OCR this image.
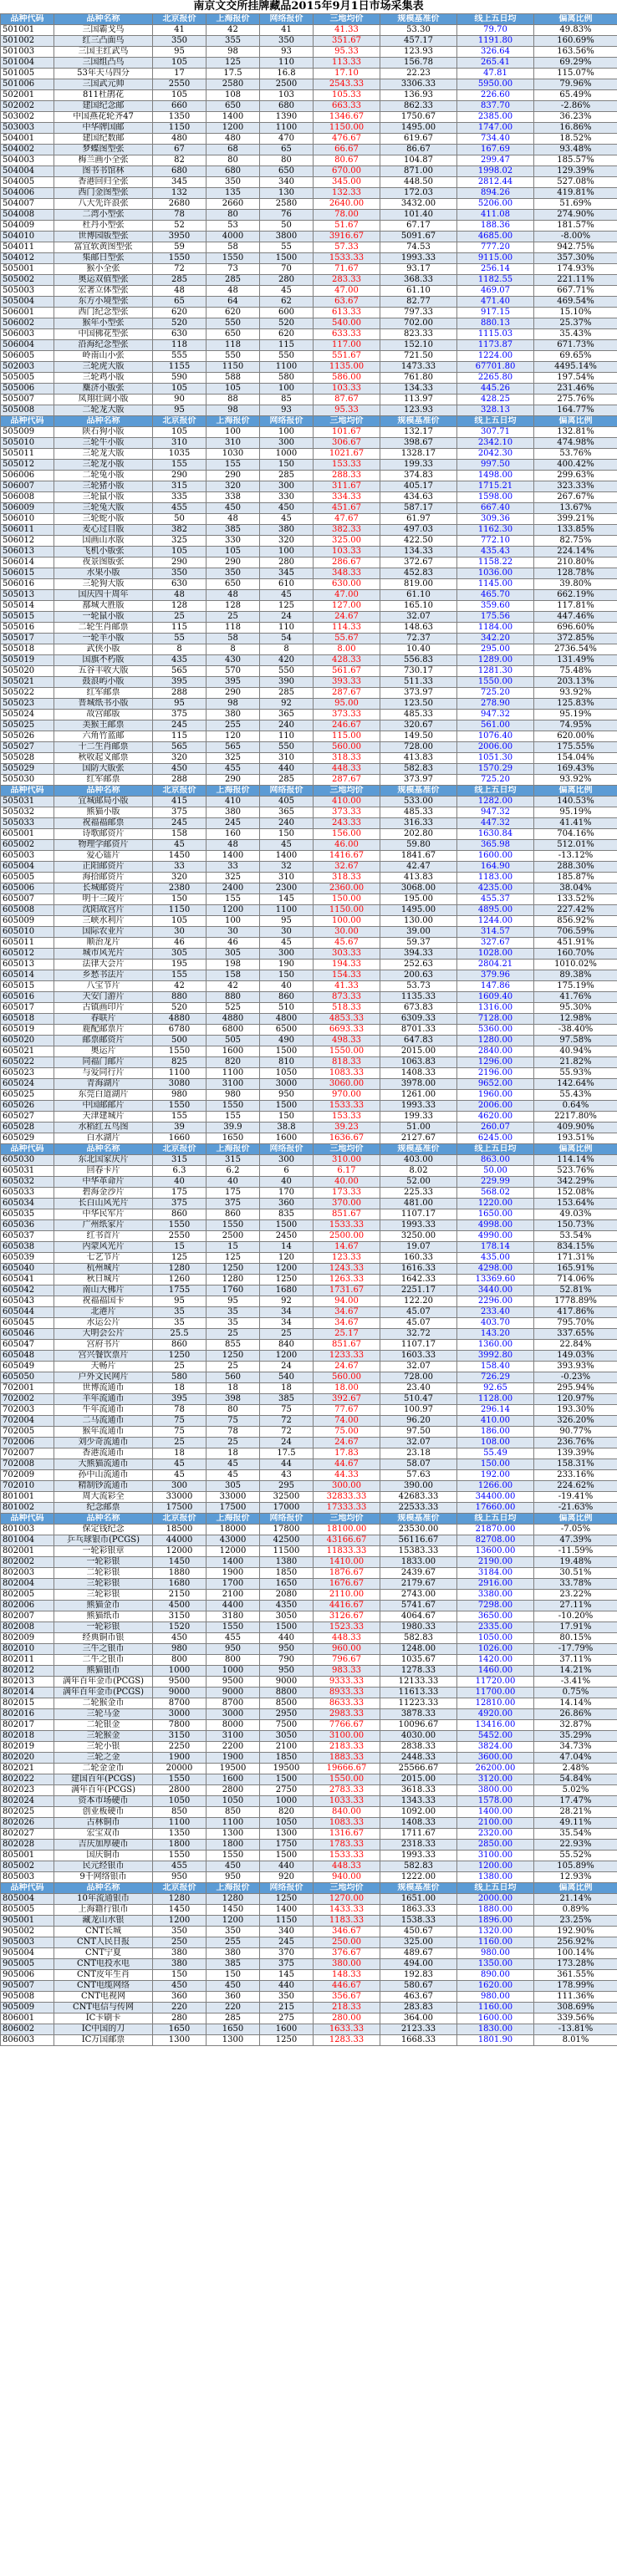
南京文交所挂牌藏品2015年9月1日市场采集表
品种代码	品种名称	北京报价	上海报价	网络报价	三地均价	规模基准价	线上五日均	偏离比例
501001	三国霸戈鸟	41	42	41	41.33	53.30	79.70	49.83%
501002	红三凸面鸟	350	355	350	351.67	457.17	1191.80	160.69%
501003	三国主红武鸟	95	98	93	95.33	123.93	326.64	163.56%
501004	三国组凸鸟	105	125	110	113.33	156.78	265.41	69.29%
501005	53年天马四分	17	17.5	16.8	17.10	22.23	47.81	115.07%
501006	三国武元帅	2550	2580	2500	2543.33	3306.33	5950.00	79.96%
502001	811杜鹃花	105	108	103	105.33	136.93	226.60	65.49%
502002	建国纪念邮	660	650	680	663.33	862.33	837.70	-2.86%
503002	中国燕花轮齐47	1350	1400	1390	1346.67	1750.67	2385.00	36.23%
503003	中华牌国邮	1150	1200	1100	1150.00	1495.00	1747.00	16.86%
504001	建国纪数邮	480	480	470	476.67	619.67	734.40	18.52%
504002	梦蝶图型张	67	68	65	66.67	86.67	167.69	93.48%
504003	梅兰画小全张	82	80	80	80.67	104.87	299.47	185.57%
504004	图书书馆林	680	680	650	670.00	871.00	1998.02	129.39%
504005	香港回归全张	345	350	340	345.00	448.50	2812.44	527.08%
504006	西门金图型张	132	135	130	132.33	172.03	894.26	419.81%
504007	八大先许浪张	2680	2660	2580	2640.00	3432.00	5206.00	51.69%
504008	二湾小型张	78	80	76	78.00	101.40	411.08	274.90%
504009	杜丹小型张	52	53	50	51.67	67.17	188.36	181.57%
504010	世博园版型张	3950	4000	3800	3916.67	5091.67	4685.00	-8.00%
504011	富宜软黄图型张	59	58	55	57.33	74.53	777.20	942.75%
504012	集邮日型张	1550	1550	1500	1533.33	1993.33	9115.00	357.30%
505001	猴小全张	72	73	70	71.67	93.17	256.14	174.93%
505002	奥运双值型张	285	285	280	283.33	368.33	1182.55	221.11%
505003	宏著立体型张	48	48	45	47.00	61.10	469.07	667.71%
505004	东方小境型张	65	64	62	63.67	82.77	471.40	469.54%
506001	西门纪念型张	620	620	600	613.33	797.33	917.15	15.10%
506002	猴年小型张	520	550	520	540.00	702.00	880.13	25.37%
506003	中国佛花型张	630	650	620	633.33	823.33	1115.03	35.43%
506004	沿海纪念型张	118	118	115	117.00	152.10	1173.87	671.73%
506005	岭南山小张	555	550	550	551.67	721.50	1224.00	69.65%
502003	三轮虎大版	1155	1150	1100	1135.00	1473.33	67701.80	4495.14%
505005	三轮鸡小版	590	588	580	586.00	761.80	2265.80	197.54%
505006	麋济小版张	105	105	100	103.33	134.33	445.26	231.46%
505007	凤翔壮阔小版	90	88	85	87.67	113.97	428.25	275.76%
505008	二轮龙大版	95	98	93	95.33	123.93	328.13	164.77%
品种代码	品种名称	北京报价	上海报价	网络报价	三地均价	规模基准价	线上五日均	偏离比例
505009	陕石狗小版	105	100	100	101.67	132.17	307.71	132.81%
505010	三轮牛小版	310	310	300	306.67	398.67	2342.10	474.98%
505011	三轮龙大版	1035	1030	1000	1021.67	1328.17	2042.30	53.76%
505012	三轮龙小版	155	155	150	153.33	199.33	997.50	400.42%
506006	二轮兔小版	290	290	285	288.33	374.83	1498.00	299.63%
506007	三轮猪小版	315	320	300	311.67	405.17	1715.21	323.33%
506008	三轮鼠小版	335	338	330	334.33	434.63	1598.00	267.67%
506009	三轮兔大版	455	450	450	451.67	587.17	667.40	13.67%
506010	三轮蛇小版	50	48	45	47.67	61.97	309.36	399.21%
506011	麦心过目版	382	385	380	382.33	497.03	1162.30	133.85%
506012	国画山水版	325	330	320	325.00	422.50	772.10	82.75%
506013	飞机小版张	105	105	100	103.33	134.33	435.43	224.14%
506014	夜景图版张	290	290	280	286.67	372.67	1158.22	210.80%
506015	水果小版	350	350	345	348.33	452.83	1036.00	128.78%
506016	三轮狗大版	630	650	610	630.00	819.00	1145.00	39.80%
505013	国庆四十周年	48	48	45	47.00	61.10	465.70	662.19%
505014	鄯城大胜版	128	128	125	127.00	165.10	359.60	117.81%
505015	一轮鼠小版	25	25	24	24.67	32.07	175.56	447.46%
505016	二轮生肖邮票	115	118	110	114.33	148.63	1184.00	696.60%
505017	一轮羊小版	55	58	54	55.67	72.37	342.20	372.85%
505018	武侠小版	8	8	8	8.00	10.40	295.00	2736.54%
505019	国旗不朽版	435	430	420	428.33	556.83	1289.00	131.49%
505020	五谷丰收大版	565	570	550	561.67	730.17	1281.30	75.48%
505021	鼓浪屿小版	395	395	390	393.33	511.33	1550.00	203.13%
505022	红军邮票	288	290	285	287.67	373.97	725.20	93.92%
505023	晋城纸书小版	95	98	92	95.00	123.50	278.90	125.83%
505024	故宫邮版	375	380	365	373.33	485.33	947.32	95.19%
505025	美猴王邮票	245	255	240	246.67	320.67	561.00	74.95%
505026	六角竹蓝邮	115	120	110	115.00	149.50	1076.40	620.00%
505027	十二生肖邮票	565	565	550	560.00	728.00	2006.00	175.55%
505028	秋收起义邮票	320	325	310	318.33	413.83	1051.30	154.04%
505029	国防大版张	450	455	440	448.33	582.83	1570.29	169.43%
505030	红军邮票	288	290	285	287.67	373.97	725.20	93.92%
品种代码	品种名称	北京报价	上海报价	网络报价	三地均价	规模基准价	线上五日均	偏离比例
505031	宜城邮局小版	415	410	405	410.00	533.00	1282.00	140.53%
505032	熊猫小版	375	380	365	373.33	485.33	947.32	95.19%
505033	祝福福邮票	245	245	240	243.33	316.33	447.32	41.41%
605001	诗歌邮资片	158	160	150	156.00	202.80	1630.84	704.16%
605002	物理学邮资片	45	48	45	46.00	59.80	365.98	512.01%
605003	爱心镭片	1450	1400	1400	1416.67	1841.67	1600.00	-13.12%
605004	正阳邮资片	33	33	32	32.67	42.47	164.90	288.30%
605005	海拾邮资片	320	325	310	318.33	413.83	1183.00	185.87%
605006	长城邮资片	2380	2400	2300	2360.00	3068.00	4235.00	38.04%
605007	明十三陵片	150	155	145	150.00	195.00	455.37	133.52%
605008	沈阳故宫片	1150	1200	1100	1150.00	1495.00	4895.00	227.42%
605009	三峡水利片	105	100	95	100.00	130.00	1244.00	856.92%
605010	国际农业片	30	30	30	30.00	39.00	314.57	706.59%
605011	顺治龙片	46	46	45	45.67	59.37	327.67	451.91%
605012	城市风光片	305	305	300	303.33	394.33	1028.00	160.70%
605013	法律大会片	195	198	190	194.33	252.63	2804.21	1010.02%
605014	乡愁书法片	155	158	150	154.33	200.63	379.96	89.38%
605015	八宝节片	42	42	40	41.33	53.73	147.86	175.19%
605016	天安门游片	880	880	860	873.33	1135.33	1609.40	41.76%
605017	古镇画印片	520	525	510	518.33	673.83	1316.00	95.30%
605018	春联片	4880	4880	4800	4853.33	6309.33	7128.00	12.98%
605019	鹿配邮票片	6780	6800	6500	6693.33	8701.33	5360.00	-38.40%
605020	邮票邮资片	500	505	490	498.33	647.83	1280.00	97.58%
605021	奥运片	1550	1600	1500	1550.00	2015.00	2840.00	40.94%
605022	同福门邮片	825	820	810	818.33	1063.83	1296.00	21.82%
605023	与爱同行片	1100	1100	1050	1083.33	1408.33	2196.00	55.93%
605024	青海湖片	3080	3100	3000	3060.00	3978.00	9652.00	142.64%
605025	东莞白道湖片	980	980	950	970.00	1261.00	1960.00	55.43%
605026	中国邮邮片	1550	1550	1500	1533.33	1993.33	2006.00	0.64%
605027	天津建城片	155	155	150	153.33	199.33	4620.00	2217.80%
605028	水稻红五鸟图	39	39.9	38.8	39.23	51.00	260.07	409.90%
605029	白水湖片	1660	1650	1600	1636.67	2127.67	6245.00	193.51%
品种代码	品种名称	北京报价	上海报价	网络报价	三地均价	规模基准价	线上五日均	偏离比例
605030	东北国家庆片	315	315	300	310.00	403.00	863.00	114.14%
605031	回春卡片	6.3	6.2	6	6.17	8.02	50.00	523.76%
605032	中华革命片	40	40	40	40.00	52.00	229.99	342.29%
605033	碧海金沙片	175	175	170	173.33	225.33	568.02	152.08%
605034	长白山风光片	375	375	360	370.00	481.00	1220.00	153.64%
605035	中华民军片	860	860	835	851.67	1107.17	1650.00	49.03%
605036	广州纸家片	1550	1550	1500	1533.33	1993.33	4998.00	150.73%
605037	红书首片	2550	2500	2450	2500.00	3250.00	4990.00	53.54%
605038	内蒙风光片	15	15	14	14.67	19.07	178.14	834.15%
605039	七艺节片	125	125	120	123.33	160.33	435.00	171.31%
605040	杭州城片	1280	1250	1200	1243.33	1616.33	4298.00	165.91%
605041	秋日城片	1260	1280	1250	1263.33	1642.33	13369.60	714.06%
605042	南山大佛片	1755	1760	1680	1731.67	2251.17	3440.00	52.81%
605043	祝福福国卡	95	95	92	94.00	122.20	2296.00	1778.89%
605044	北港片	35	35	34	34.67	45.07	233.40	417.86%
605045	水运公片	35	35	34	34.67	45.07	403.70	795.70%
605046	大明会公片	25.5	25	25	25.17	32.72	143.20	337.65%
605047	宫府书片	860	855	840	851.67	1107.17	1360.00	22.84%
605048	宫兴餐饮票片	1250	1250	1200	1233.33	1603.33	3992.80	149.03%
605049	天畅片	25	25	24	24.67	32.07	158.40	393.93%
605050	户外文民网片	580	560	540	560.00	728.00	726.29	-0.23%
702001	世博流通币	18	18	18	18.00	23.40	92.65	295.94%
702002	羊年流通币	395	398	385	392.67	510.47	1128.00	120.97%
702003	牛年流通币	78	80	75	77.67	100.97	296.14	193.30%
702004	二马流通币	75	75	72	74.00	96.20	410.00	326.20%
702005	猴年流通币	75	78	72	75.00	97.50	186.00	90.77%
702006	刘少奇流通币	25	25	24	24.67	32.07	108.00	236.76%
702007	香港流通币	18	18	17.5	17.83	23.18	55.49	139.39%
702008	大熊猫流通币	45	45	44	44.67	58.07	150.00	158.31%
702009	孙中山流通币	45	45	43	44.33	57.63	192.00	233.16%
702010	精制钞流通币	300	305	295	300.00	390.00	1266.00	224.62%
801001	周大流彩全	33000	33000	32500	32833.33	42683.33	34400.00	-19.41%
801002	纪念邮票	17500	17500	17000	17333.33	22533.33	17660.00	-21.63%
品种代码	品种名称	北京报价	上海报价	网络报价	三地均价	规模基准价	线上五日均	偏离比例
801003	保定钱纪念	18500	18000	17800	18100.00	23530.00	21870.00	-7.05%
801004	乒乓球银币(PCGS)	44000	43000	42500	43166.67	56116.67	82708.00	47.39%
802001	一轮彩银章	12000	12000	11500	11833.33	15383.33	13600.00	-11.59%
802002	一轮彩银	1450	1400	1380	1410.00	1833.00	2190.00	19.48%
802003	二轮彩银	1880	1900	1850	1876.67	2439.67	3184.00	30.51%
802004	三轮彩银	1680	1700	1650	1676.67	2179.67	2916.00	33.78%
802005	三轮彩银	2150	2100	2080	2110.00	2743.00	3380.00	23.22%
802006	熊猫金币	4500	4400	4350	4416.67	5741.67	7298.00	27.11%
802007	熊猫纸币	3150	3180	3050	3126.67	4064.67	3650.00	-10.20%
802008	一轮彩银	1520	1550	1500	1523.33	1980.33	2335.00	17.91%
802009	经典铜币银	450	455	440	448.33	582.83	1050.00	80.15%
802010	三牛之银币	980	950	950	960.00	1248.00	1026.00	-17.79%
802011	二牛之银币	800	800	790	796.67	1035.67	1420.00	37.11%
802012	熊猫银币	1000	1000	950	983.33	1278.33	1460.00	14.21%
802013	满年百年金币(PCGS)	9500	9500	9000	9333.33	12133.33	11720.00	-3.41%
802014	满年百年金币(PCGS)	9000	9000	8800	8933.33	11613.33	11700.00	0.75%
802015	二轮猴金币	8700	8700	8500	8633.33	11223.33	12810.00	14.14%
802016	三轮马金	3000	3000	2950	2983.33	3878.33	4920.00	26.86%
802017	二轮银金	7800	8000	7500	7766.67	10096.67	13416.00	32.87%
802018	三轮猴金	3150	3100	3050	3100.00	4030.00	5452.00	35.29%
802019	三轮小银	2250	2200	2100	2183.33	2838.33	3824.00	34.73%
802020	三轮之金	1900	1900	1850	1883.33	2448.33	3600.00	47.04%
802021	二轮金金币	20000	19500	19500	19666.67	25566.67	26200.00	2.48%
802022	建国百年(PCGS)	1550	1600	1500	1550.00	2015.00	3120.00	54.84%
802023	满年百年(PCGS)	2800	2800	2750	2783.33	3618.33	3800.00	5.02%
802024	资本市场硬币	1050	1050	1000	1033.33	1343.33	1578.00	17.47%
802025	创业板硬币	850	850	820	840.00	1092.00	1400.00	28.21%
802026	古林铜币	1100	1100	1050	1083.33	1408.33	2100.00	49.11%
802027	宏宝双币	1350	1300	1300	1316.67	1711.67	2320.00	35.54%
802028	吉庆加厚硬币	1800	1800	1750	1783.33	2318.33	2850.00	22.93%
805001	国庆铜币	1550	1550	1500	1533.33	1993.33	3100.00	55.52%
805002	民元经银币	455	450	440	448.33	582.83	1200.00	105.89%
805003	9千网络银币	950	950	920	940.00	1222.00	1380.00	12.93%
品种代码	品种名称	北京报价	上海报价	网络报价	三地均价	规模基准价	线上五日均	偏离比例
805004	10年流通银币	1280	1280	1250	1270.00	1651.00	2000.00	21.14%
805005	上海籍行银币	1450	1450	1400	1433.33	1863.33	1880.00	0.89%
905001	藏龙山水银	1200	1200	1150	1183.33	1538.33	1896.00	23.25%
905002	CNT长城	350	350	340	346.67	450.67	1320.00	192.90%
905003	CNT人民日报	250	255	245	250.00	325.00	1160.00	256.92%
905004	CNT宁夏	380	380	370	376.67	489.67	980.00	100.14%
905005	CNT电投水电	380	385	375	380.00	494.00	1350.00	173.28%
905006	CNT皮年生肖	150	150	145	148.33	192.83	890.00	361.55%
905007	CNT电缆网络	450	450	440	446.67	580.67	1620.00	178.99%
905008	CNT电视网	360	360	350	356.67	463.67	980.00	111.36%
905009	CNT电信与传网	220	220	215	218.33	283.83	1160.00	308.69%
806001	IC卡刷卡	280	285	275	280.00	364.00	1600.00	339.56%
806002	IC中国的刀	1650	1650	1600	1633.33	2123.33	1830.00	-13.81%
806003	IC万国邮票	1300	1300	1250	1283.33	1668.33	1801.90	8.01%
